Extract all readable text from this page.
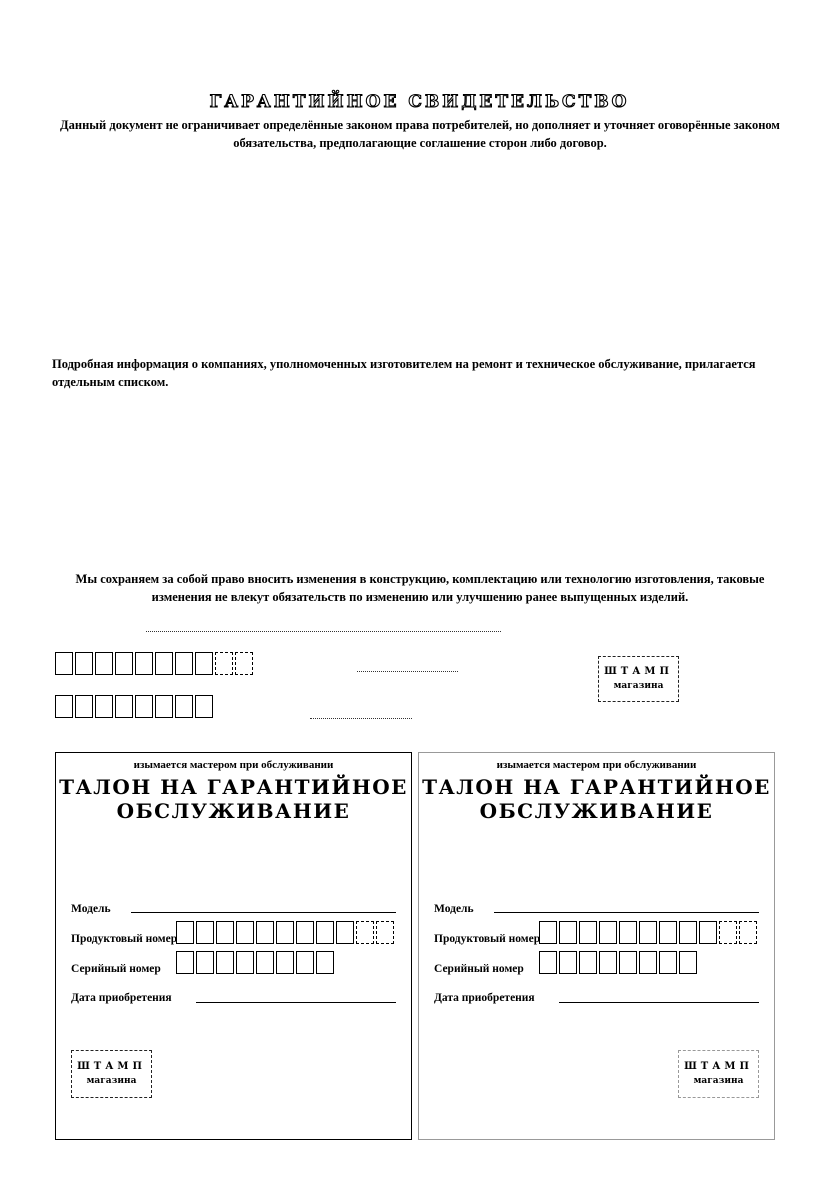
ГАРАНТИЙНОЕ СВИДЕТЕЛЬСТВО
Данный документ не ограничивает определённые законом права потребителей, но дополняет и уточняет оговорённые законом обязательства, предполагающие соглашение сторон либо договор.
Подробная информация о компаниях, уполномоченных изготовителем на ремонт и техническое обслуживание, прилагается отдельным списком.
Мы сохраняем за собой право вносить изменения в конструкцию, комплектацию или технологию изготовления, таковые изменения не влекут обязательств по изменению или улучшению ранее выпущенных изделий.
ШТАМП
магазина
изымается мастером при обслуживании
ТАЛОН НА ГАРАНТИЙНОЕ
ОБСЛУЖИВАНИЕ
Модель
Продуктовый номер
Серийный номер
Дата приобретения
ШТАМП
магазина
изымается мастером при обслуживании
ТАЛОН НА ГАРАНТИЙНОЕ
ОБСЛУЖИВАНИЕ
Модель
Продуктовый номер
Серийный номер
Дата приобретения
ШТАМП
магазина
